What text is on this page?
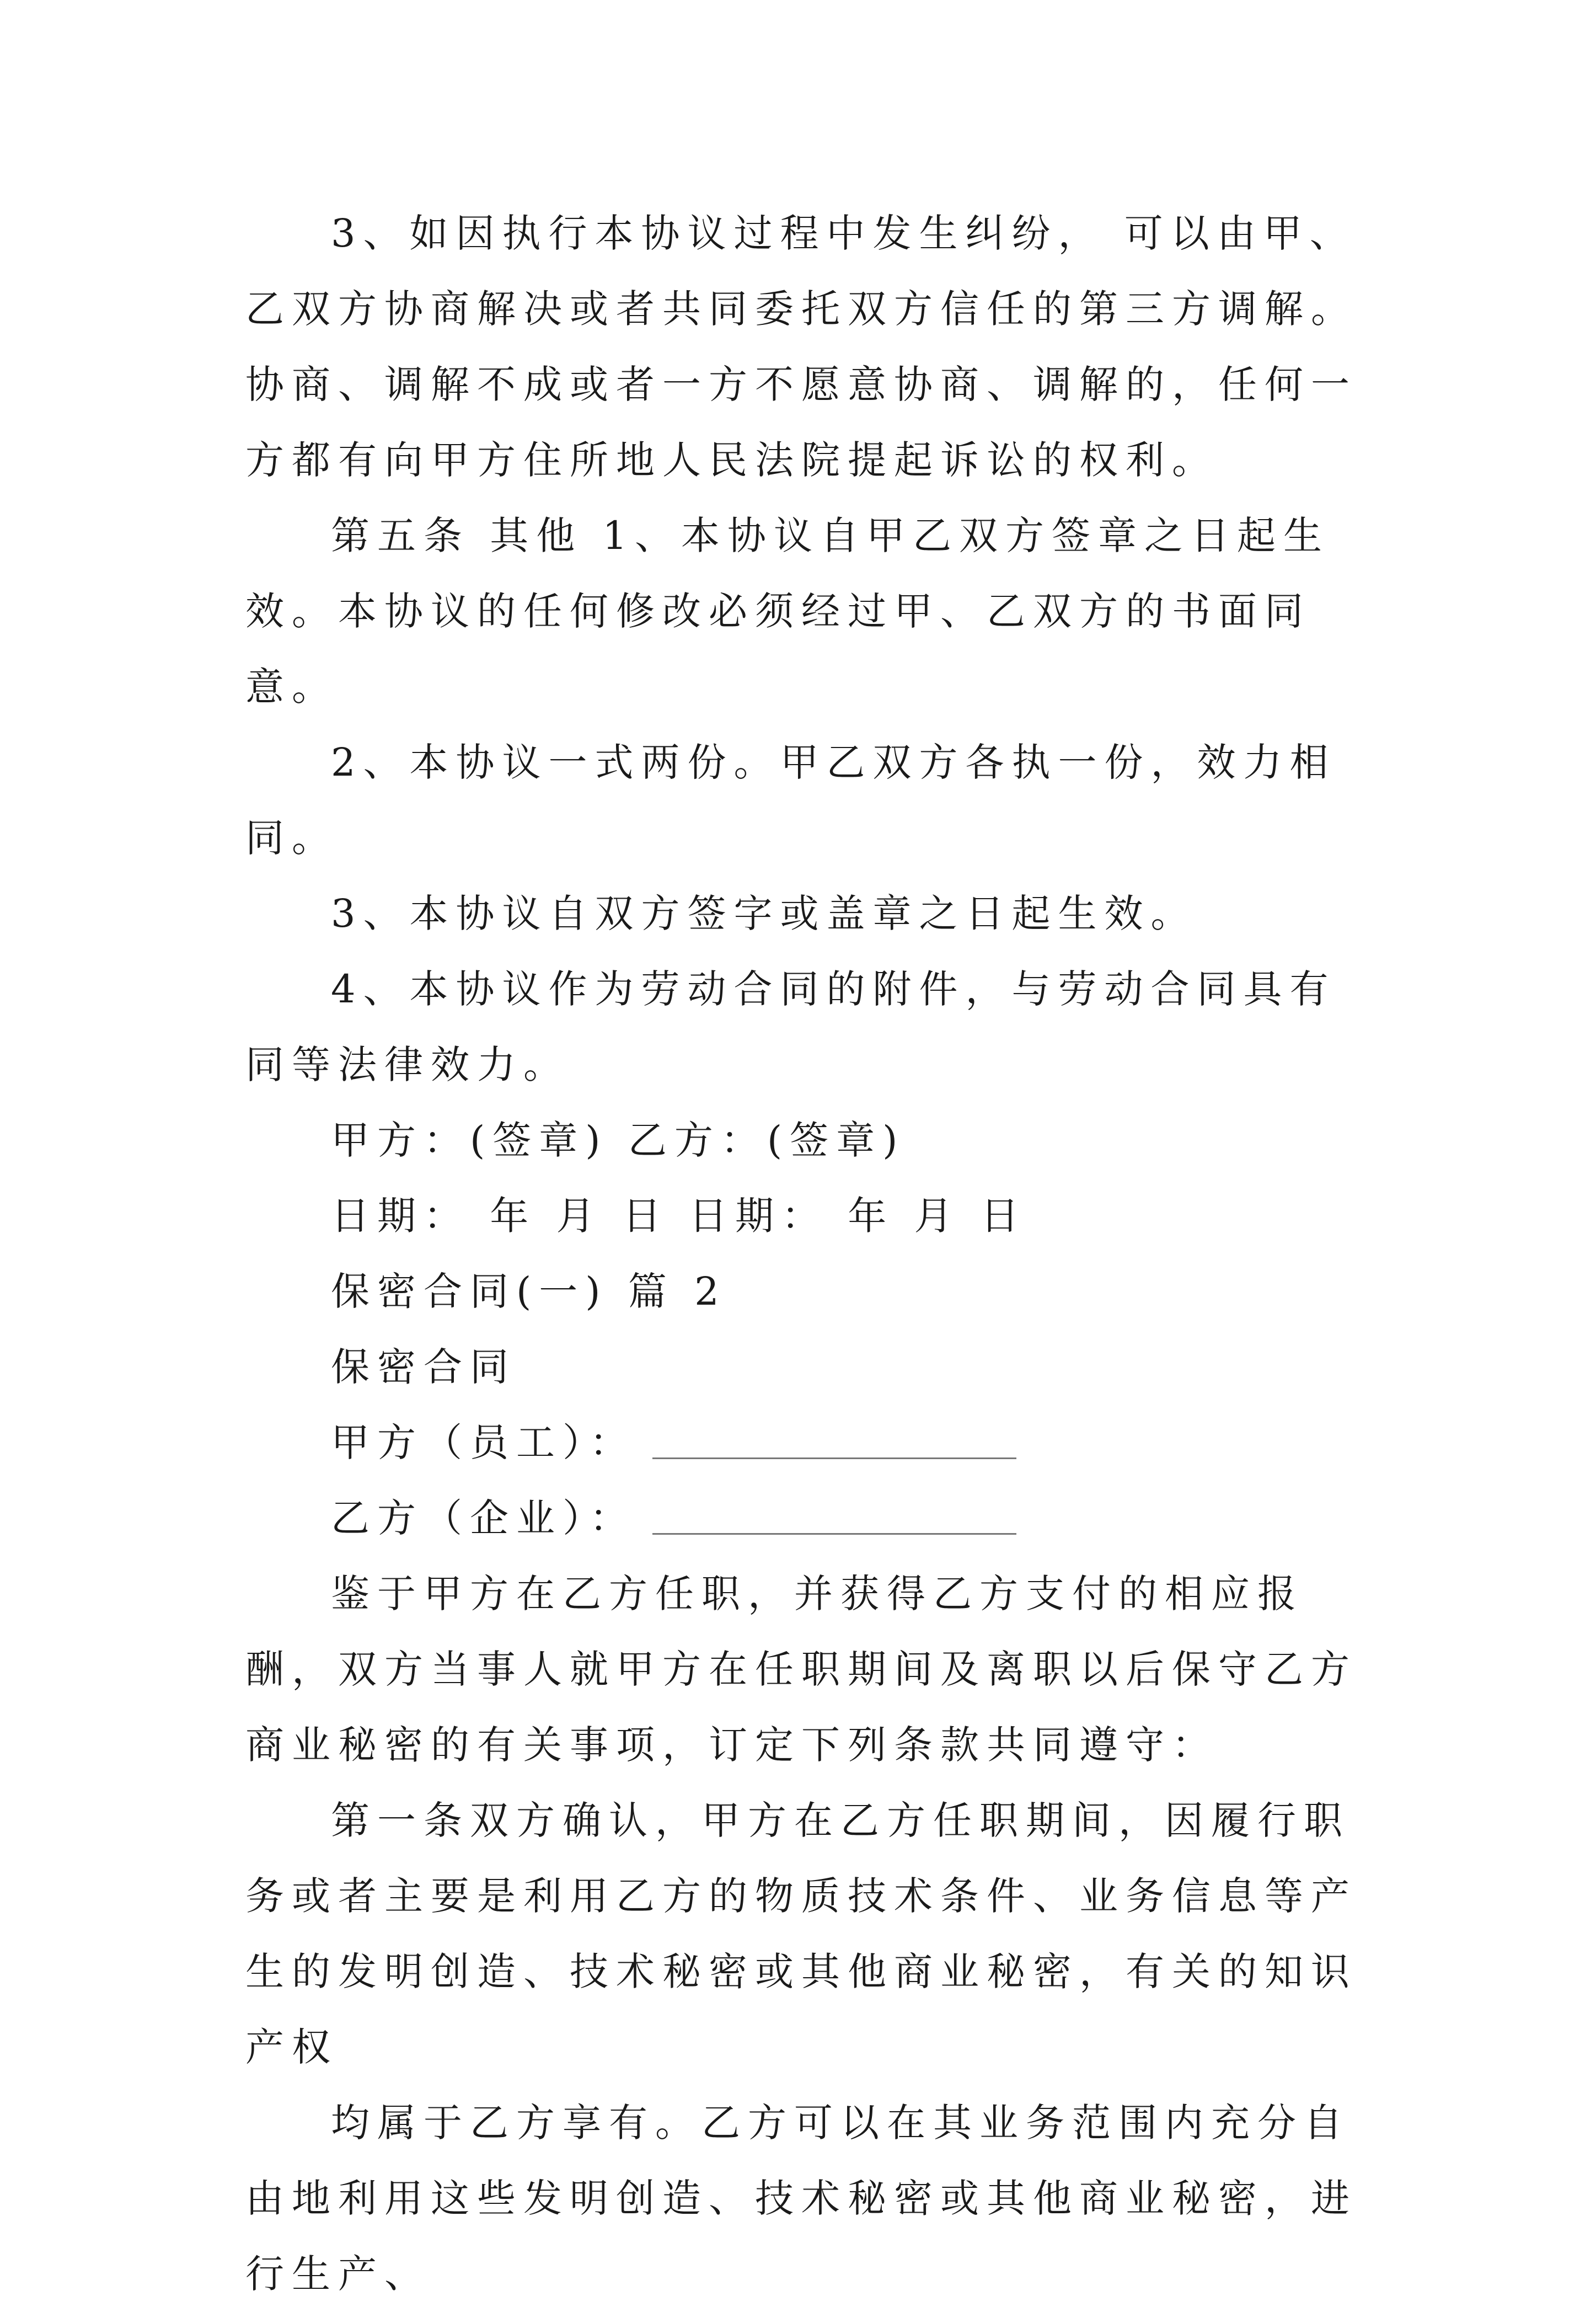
3、如因执行本协议过程中发生纠纷， 可以由甲、乙双方协商解决或者共同委托双方信任的第三方调解。协商、调解不成或者一方不愿意协商、调解的，任何一方都有向甲方住所地人民法院提起诉讼的权利。

第五条 其他 1、本协议自甲乙双方签章之日起生效。本协议的任何修改必须经过甲、乙双方的书面同意。

2、本协议一式两份。甲乙双方各执一份，效力相同。

3、本协议自双方签字或盖章之日起生效。

4、本协议作为劳动合同的附件，与劳动合同具有同等法律效力。

甲方：(签章) 乙方：(签章)

日期： 年 月 日 日期： 年 月 日

保密合同(一) 篇 2

保密合同

甲方（员工）：

乙方（企业）：

鉴于甲方在乙方任职，并获得乙方支付的相应报酬，双方当事人就甲方在任职期间及离职以后保守乙方商业秘密的有关事项，订定下列条款共同遵守：

第一条双方确认，甲方在乙方任职期间，因履行职务或者主要是利用乙方的物质技术条件、业务信息等产生的发明创造、技术秘密或其他商业秘密，有关的知识产权

均属于乙方享有。乙方可以在其业务范围内充分自由地利用这些发明创造、技术秘密或其他商业秘密，进行生产、
